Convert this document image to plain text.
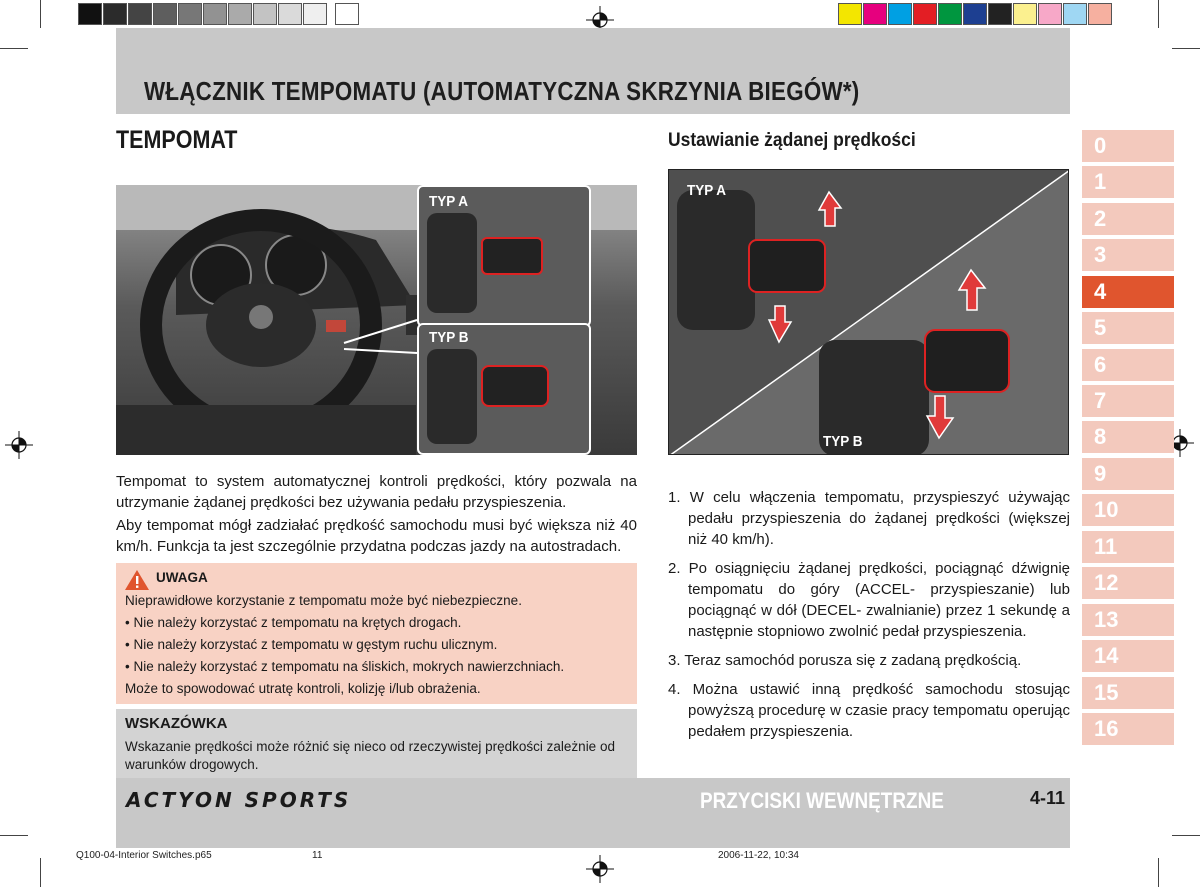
WŁĄCZNIK TEMPOMATU (AUTOMATYCZNA SKRZYNIA BIEGÓW*)
TEMPOMAT
TYP A
TYP B
Tempomat to system automatycznej kontroli prędkości, który pozwala na utrzymanie żądanej prędkości bez używania pedału przyspieszenia.
Aby tempomat mógł zadziałać prędkość samochodu musi być większa niż 40 km/h. Funkcja ta jest szczególnie przydatna podczas jazdy na autostradach.
UWAGA
Nieprawidłowe korzystanie z tempomatu może być niebezpieczne.
• Nie należy korzystać z tempomatu na krętych drogach.
• Nie należy korzystać z tempomatu w gęstym ruchu ulicznym.
• Nie należy korzystać z tempomatu na śliskich, mokrych nawierzchniach.
Może to spowodować utratę kontroli, kolizję i/lub obrażenia.
WSKAZÓWKA
Wskazanie prędkości może różnić się nieco od rzeczywistej prędkości zależnie od warunków drogowych.
Ustawianie żądanej prędkości
TYP A
TYP B

1. W celu włączenia tempomatu, przyspieszyć używając pedału przyspieszenia do żądanej prędkości (większej niż 40 km/h).

2. Po osiągnięciu żądanej prędkości, pociągnąć dźwignię tempomatu do góry (ACCEL- przyspieszanie) lub pociągnąć w dół (DECEL- zwalnianie) przez 1 sekundę a następnie stopniowo zwolnić pedał przyspieszenia.

3. Teraz samochód porusza się z zadaną prędkością.

4. Można ustawić inną prędkość samochodu stosując powyższą procedurę w czasie pracy tempomatu operując pedałem przyspieszenia.

0
1
2
3
4
5
6
7
8
9
10
11
12
13
14
15
16
ACTYON SPORTS	PRZYCISKI WEWNĘTRZNE	4-11
Q100-04-Interior Switches.p65	11	2006-11-22, 10:34
